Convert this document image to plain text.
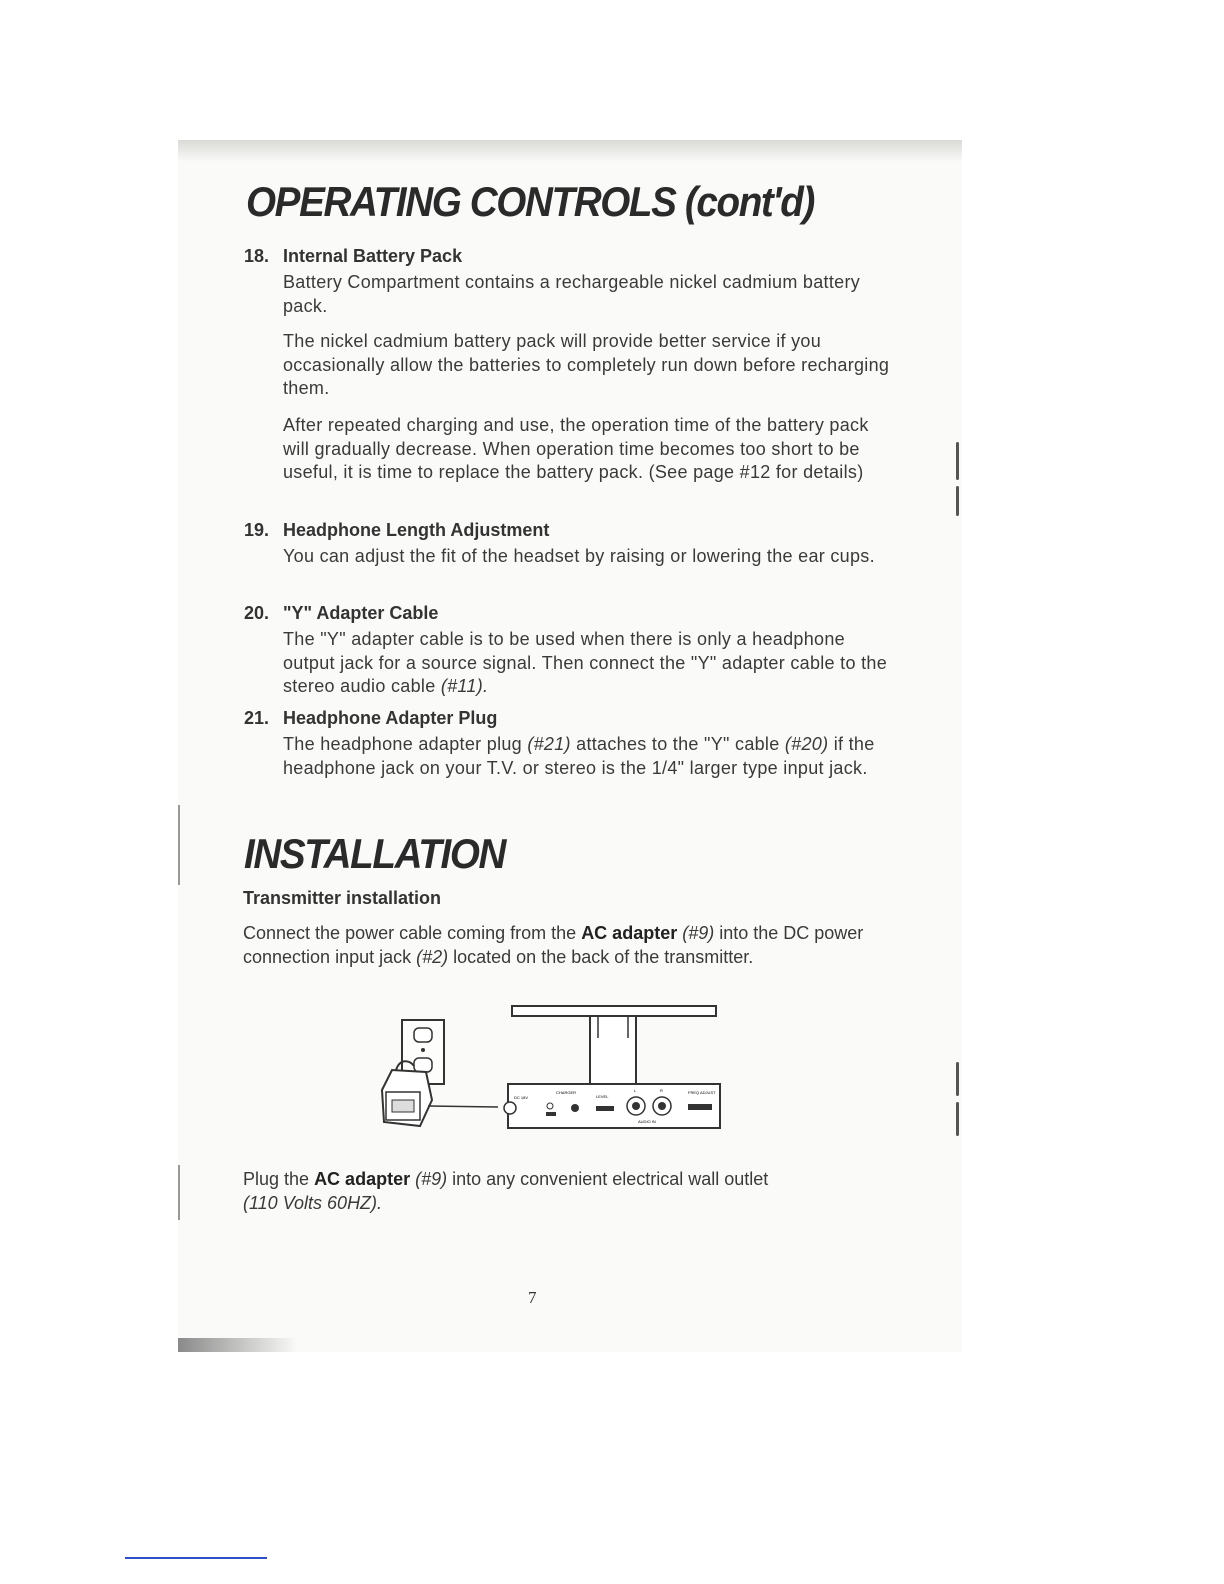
OPERATING CONTROLS (cont'd)
18. Internal Battery Pack
Battery Compartment contains a rechargeable nickel cadmium battery pack.
The nickel cadmium battery pack will provide better service if you occasionally allow the batteries to completely run down before recharging them.
After repeated charging and use, the operation time of the battery pack will gradually decrease. When operation time becomes too short to be useful, it is time to replace the battery pack. (See page #12 for details)
19. Headphone Length Adjustment
You can adjust the fit of the headset by raising or lowering the ear cups.
20. "Y" Adapter Cable
The "Y" adapter cable is to be used when there is only a headphone output jack for a source signal. Then connect the "Y" adapter cable to the stereo audio cable (#11).
21. Headphone Adapter Plug
The headphone adapter plug (#21) attaches to the "Y" cable (#20) if the headphone jack on your T.V. or stereo is the 1/4" larger type input jack.
INSTALLATION
Transmitter installation
Connect the power cable coming from the AC adapter (#9) into the DC power connection input jack (#2) located on the back of the transmitter.
DC 18V
CHARGER
LEVEL
L	R
AUDIO IN
FREQ ADJUST
Plug the AC adapter (#9) into any convenient electrical wall outlet
(110 Volts 60HZ).
7
